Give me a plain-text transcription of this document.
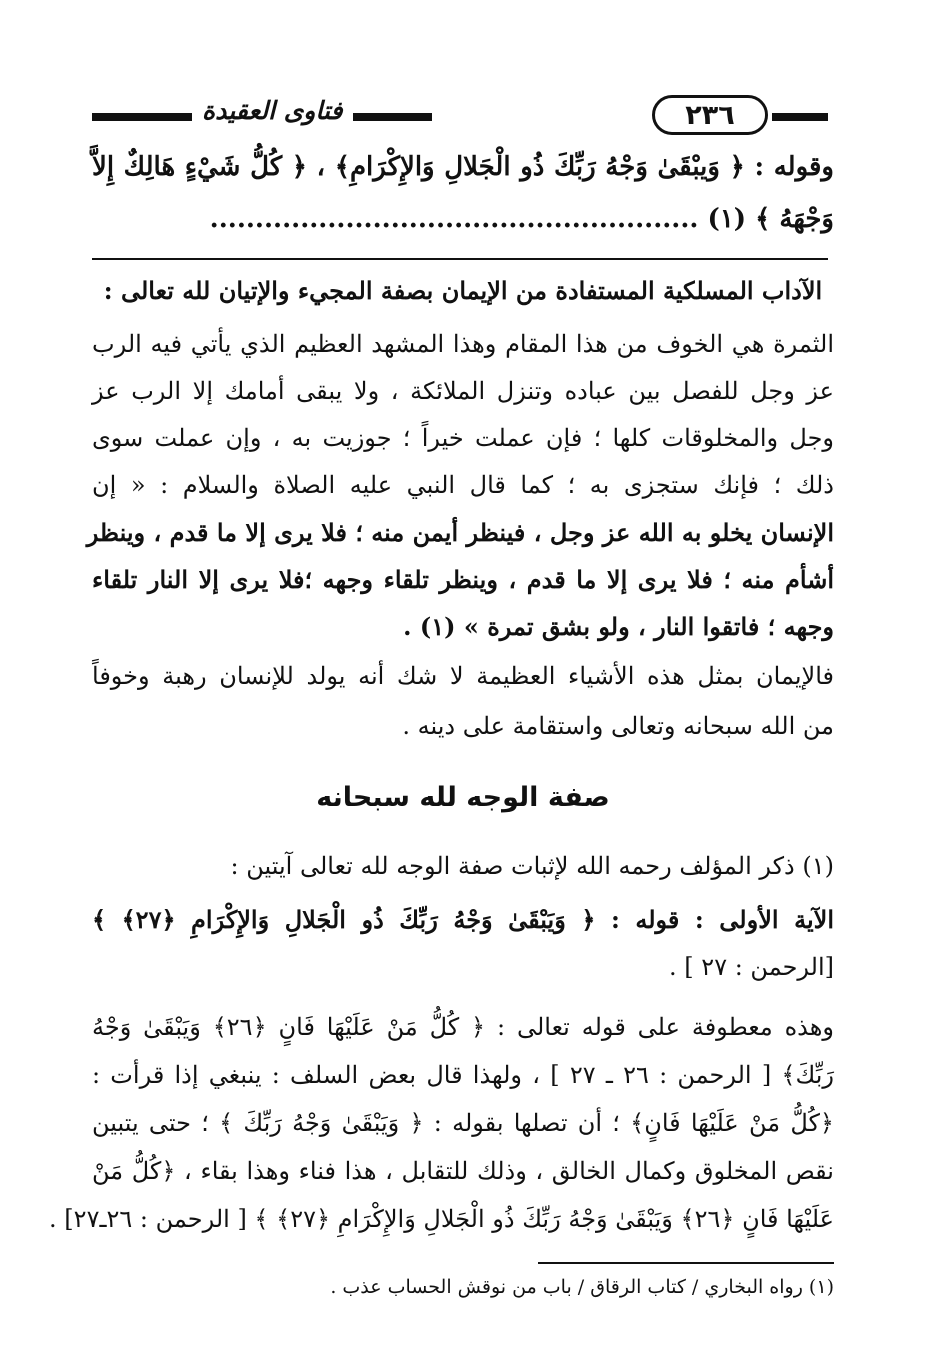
فتاوى العقيدة	٢٣٦
وقوله : ﴿ وَيبْقَىٰ وَجْهُ رَبِّكَ ذُو الْجَلالِ وَالإِكْرَامِ﴾ ، ﴿ كُلُّ شَيْءٍ هَالِكٌ إِلاَّ
وَجْهَهُ ﴾ (١) ......................................................
الآداب المسلكية المستفادة من الإيمان بصفة المجيء والإتيان لله تعالى :
الثمرة هي الخوف من هذا المقام وهذا المشهد العظيم الذي يأتي فيه الرب
عز وجل للفصل بين عباده وتنزل الملائكة ، ولا يبقى أمامك إلا الرب عز
وجل والمخلوقات كلها ؛ فإن عملت خيراً ؛ جوزيت به ، وإن عملت سوى
ذلك ؛ فإنك ستجزى به ؛ كما قال النبي عليه الصلاة والسلام : « إن
الإنسان يخلو به الله عز وجل ، فينظر أيمن منه ؛ فلا يرى إلا ما قدم ، وينظر
أشأم منه ؛ فلا يرى إلا ما قدم ، وينظر تلقاء وجهه ؛فلا يرى إلا النار تلقاء
وجهه ؛ فاتقوا النار ، ولو بشق تمرة » (١) .
فالإيمان بمثل هذه الأشياء العظيمة لا شك أنه يولد للإنسان رهبة وخوفاً
من الله سبحانه وتعالى واستقامة على دينه .
صفة الوجه لله سبحانه
(١) ذكر المؤلف رحمه الله لإثبات صفة الوجه لله تعالى آيتين :
الآية الأولى : قوله : ﴿ وَيَبْقَىٰ وَجْهُ رَبِّكَ ذُو الْجَلالِ وَالإِكْرَامِ ﴿٢٧﴾ ﴾
[الرحمن : ٢٧ ] .
وهذه معطوفة على قوله تعالى : ﴿ كُلُّ مَنْ عَلَيْهَا فَانٍ ﴿٢٦﴾ وَيَبْقَىٰ وَجْهُ
رَبِّكَ﴾ [ الرحمن : ٢٦ ـ ٢٧ ] ، ولهذا قال بعض السلف : ينبغي إذا قرأت :
﴿كُلُّ مَنْ عَلَيْهَا فَانٍ﴾ ؛ أن تصلها بقوله : ﴿ وَيَبْقَىٰ وَجْهُ رَبِّكَ ﴾ ؛ حتى يتبين
نقص المخلوق وكمال الخالق ، وذلك للتقابل ، هذا فناء وهذا بقاء ، ﴿كُلُّ مَنْ
عَلَيْهَا فَانٍ ﴿٢٦﴾ وَيَبْقَىٰ وَجْهُ رَبِّكَ ذُو الْجَلالِ وَالإِكْرَامِ ﴿٢٧﴾ ﴾ [ الرحمن : ٢٦ـ٢٧] .
(١) رواه البخاري / كتاب الرقاق / باب من نوقش الحساب عذب .
